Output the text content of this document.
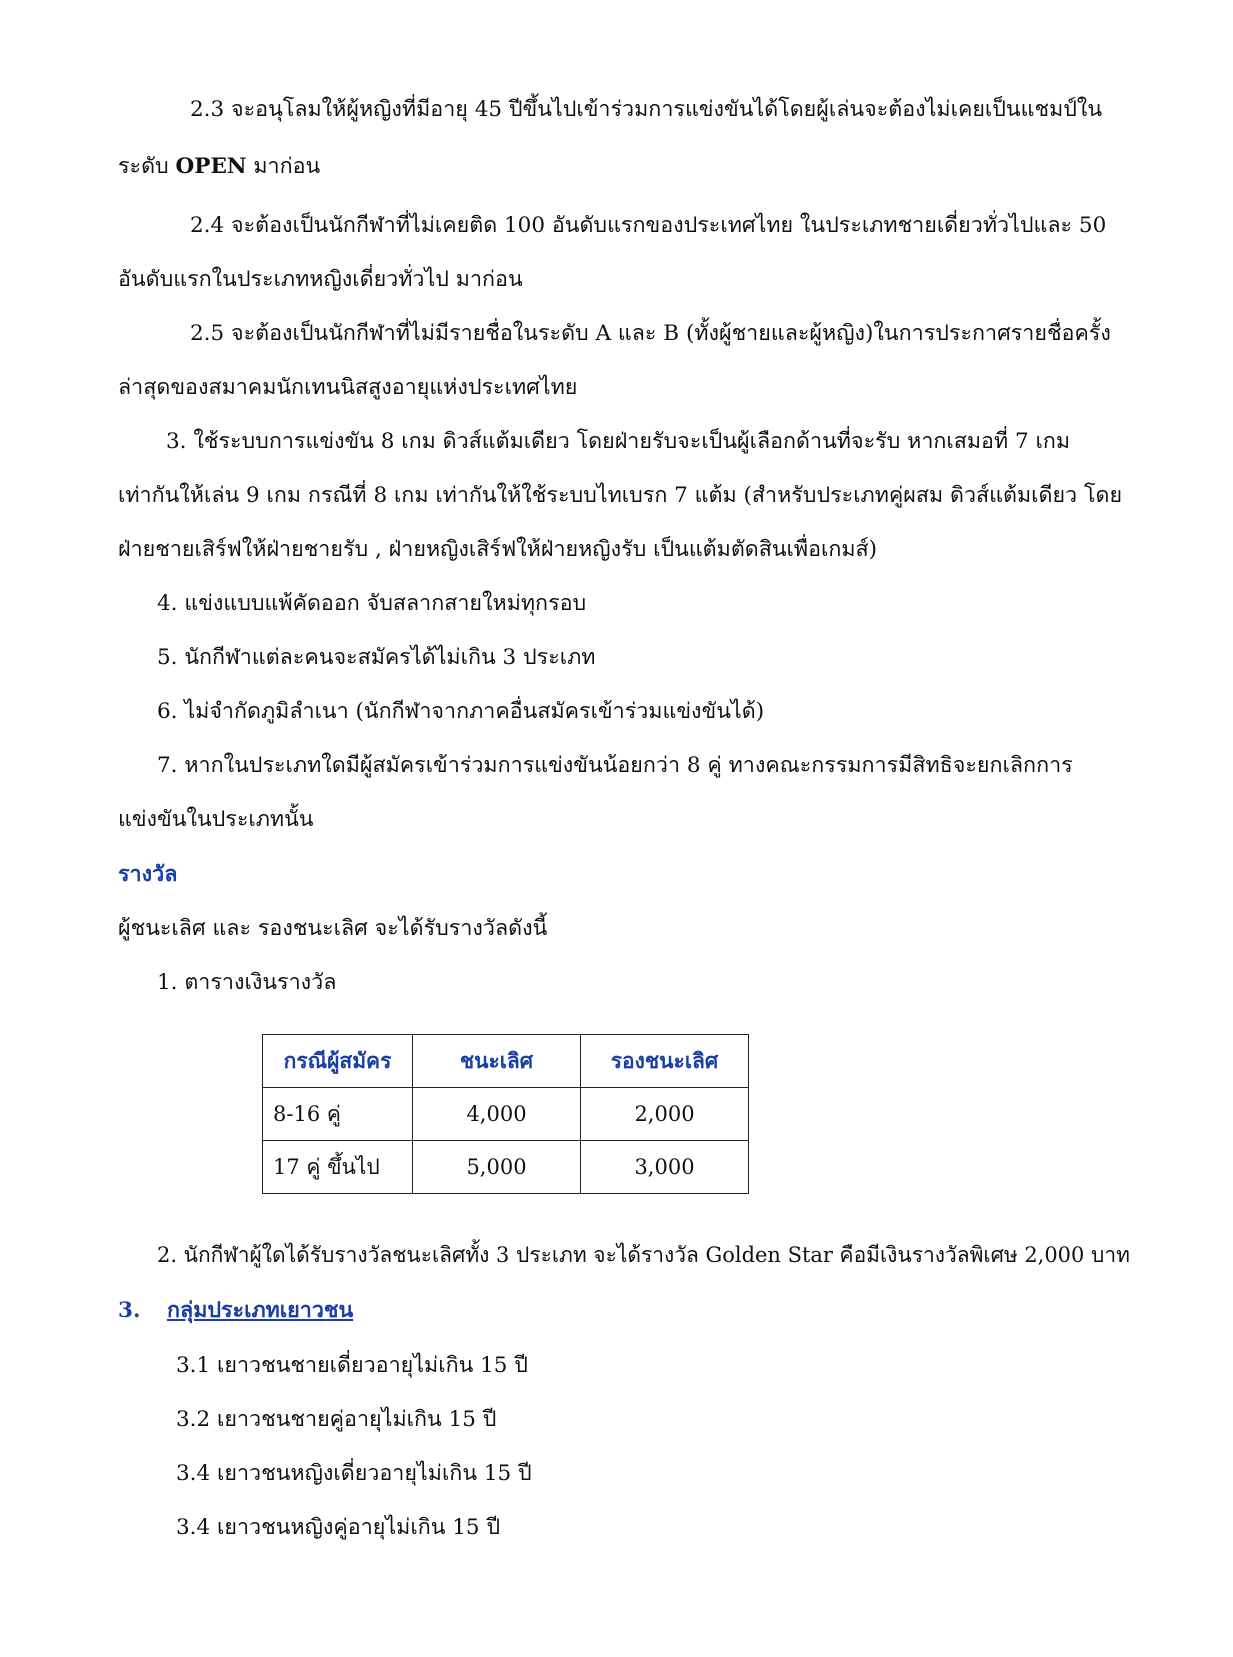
2.3 จะอนุโลมให้ผู้หญิงที่มีอายุ 45 ปีขึ้นไปเข้าร่วมการแข่งขันได้โดยผู้เล่นจะต้องไม่เคยเป็นแชมป์ใน
ระดับ OPEN มาก่อน
2.4 จะต้องเป็นนักกีฬาที่ไม่เคยติด 100 อันดับแรกของประเทศไทย ในประเภทชายเดี่ยวทั่วไปและ 50
อันดับแรกในประเภทหญิงเดี่ยวทั่วไป มาก่อน
2.5 จะต้องเป็นนักกีฬาที่ไม่มีรายชื่อในระดับ A และ B (ทั้งผู้ชายและผู้หญิง)ในการประกาศรายชื่อครั้ง
ล่าสุดของสมาคมนักเทนนิสสูงอายุแห่งประเทศไทย
3. ใช้ระบบการแข่งขัน 8 เกม ดิวส์แต้มเดียว โดยฝ่ายรับจะเป็นผู้เลือกด้านที่จะรับ หากเสมอที่ 7 เกม
เท่ากันให้เล่น 9 เกม กรณีที่ 8 เกม เท่ากันให้ใช้ระบบไทเบรก 7 แต้ม (สำหรับประเภทคู่ผสม ดิวส์แต้มเดียว โดย
ฝ่ายชายเสิร์ฟให้ฝ่ายชายรับ , ฝ่ายหญิงเสิร์ฟให้ฝ่ายหญิงรับ เป็นแต้มตัดสินเพื่อเกมส์)
4. แข่งแบบแพ้คัดออก จับสลากสายใหม่ทุกรอบ
5. นักกีฬาแต่ละคนจะสมัครได้ไม่เกิน 3 ประเภท
6. ไม่จำกัดภูมิลำเนา (นักกีฬาจากภาคอื่นสมัครเข้าร่วมแข่งขันได้)
7. หากในประเภทใดมีผู้สมัครเข้าร่วมการแข่งขันน้อยกว่า 8 คู่ ทางคณะกรรมการมีสิทธิจะยกเลิกการ
แข่งขันในประเภทนั้น
รางวัล
ผู้ชนะเลิศ และ รองชนะเลิศ จะได้รับรางวัลดังนี้
1. ตารางเงินรางวัล
กรณีผู้สมัคร	ชนะเลิศ	รองชนะเลิศ
8-16 คู่	4,000	2,000
17 คู่ ขึ้นไป	5,000	3,000
2. นักกีฬาผู้ใดได้รับรางวัลชนะเลิศทั้ง 3 ประเภท จะได้รางวัล Golden Star คือมีเงินรางวัลพิเศษ 2,000 บาท
3. กลุ่มประเภทเยาวชน
3.1 เยาวชนชายเดี่ยวอายุไม่เกิน 15 ปี
3.2 เยาวชนชายคู่อายุไม่เกิน 15 ปี
3.4 เยาวชนหญิงเดี่ยวอายุไม่เกิน 15 ปี
3.4 เยาวชนหญิงคู่อายุไม่เกิน 15 ปี
